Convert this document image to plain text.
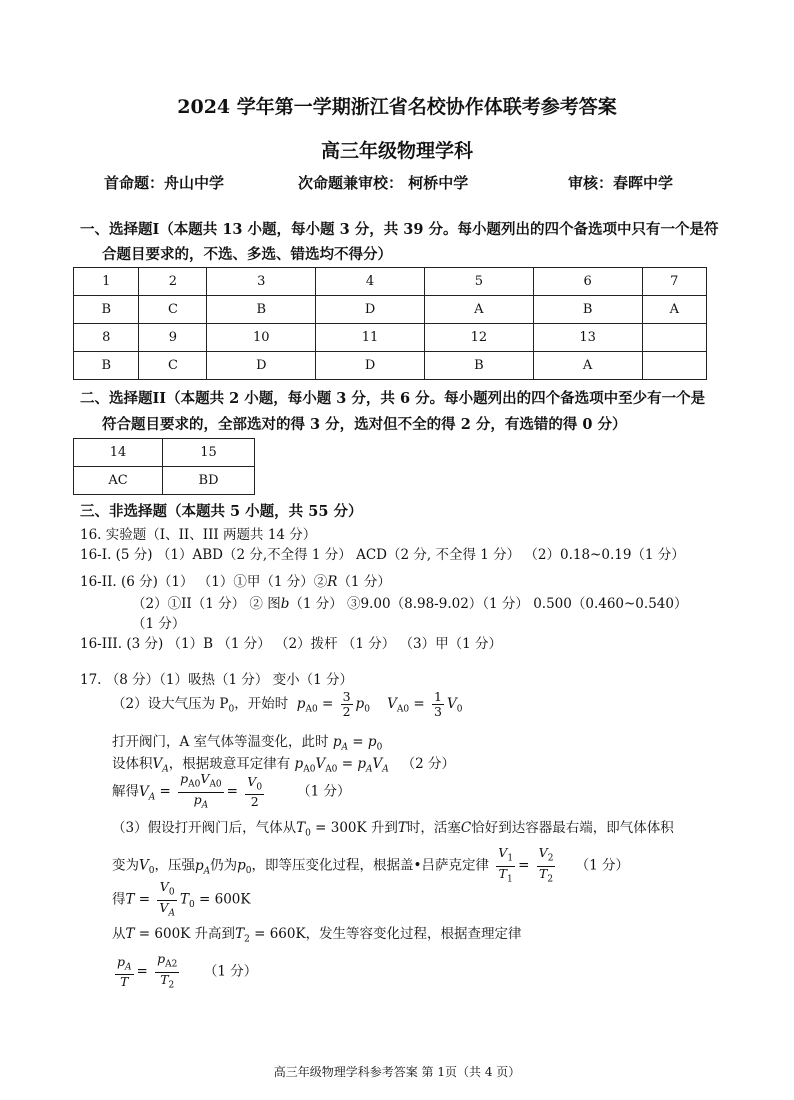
2024 学年第一学期浙江省名校协作体联考参考答案
高三年级物理学科
首命题：舟山中学	次命题兼审校： 柯桥中学	审核：春晖中学
一、选择题I（本题共 13 小题，每小题 3 分，共 39 分。每小题列出的四个备选项中只有一个是符
合题目要求的，不选、多选、错选均不得分）
1	2	3	4	5	6	7
B	C	B	D	A	B	A
8	9	10	11	12	13	
B	C	D	D	B	A	
二、选择题II（本题共 2 小题，每小题 3 分，共 6 分。每小题列出的四个备选项中至少有一个是
符合题目要求的，全部选对的得 3 分，选对但不全的得 2 分，有选错的得 0 分）
14	15
AC	BD
三、非选择题（本题共 5 小题，共 55 分）
16. 实验题（I、II、III 两题共 14 分）
16-I. (5 分) （1）ABD（2 分,不全得 1 分） ACD（2 分, 不全得 1 分） （2）0.18~0.19（1 分）
16-II. (6 分)（1） （1）①甲（1 分）②R（1 分）
（2）①II（1 分） ② 图b（1 分） ③9.00（8.98-9.02）（1 分） 0.500（0.460~0.540）
（1 分）
16-III. (3 分) （1）B （1 分） （2）拨杆 （1 分） （3）甲（1 分）
17. （8 分）（1）吸热（1 分） 变小（1 分）
（2）设大气压为 $P_0$，开始时 $p_{A0} = \frac{3}{2} p_0$ $V_{A0} = \frac{1}{3} V_0$
打开阀门，A 室气体等温变化，此时 $p_A = p_0$
设体积$V_A$，根据玻意耳定律有 $p_{A0}V_{A0} = p_AV_A$ （2 分）
解得$V_A = \frac{p_{A0}V_{A0}}{p_A} = \frac{V_0}{2} (1$ 分）
（3）假设打开阀门后，气体从$T_0 = 300K$ 升到T时，活塞C恰好到达容器最右端，即气体体积
变为$V_0$，压强$p_A$仍为$p_0$，即等压变化过程，根据盖•吕萨克定律 $\frac{V_1}{T_1} = \frac{V_2}{T_2} (1$ 分）
得$T = \frac{V_0}{V_A} T_0 = 600K$
从T = 600K 升高到$T_2 = 660K$，发生等容变化过程，根据查理定律
$\frac{p_A}{T} = \frac{p_{A2}}{T_2} (1$ 分）
高三年级物理学科参考答案 第 1页（共 4 页）
